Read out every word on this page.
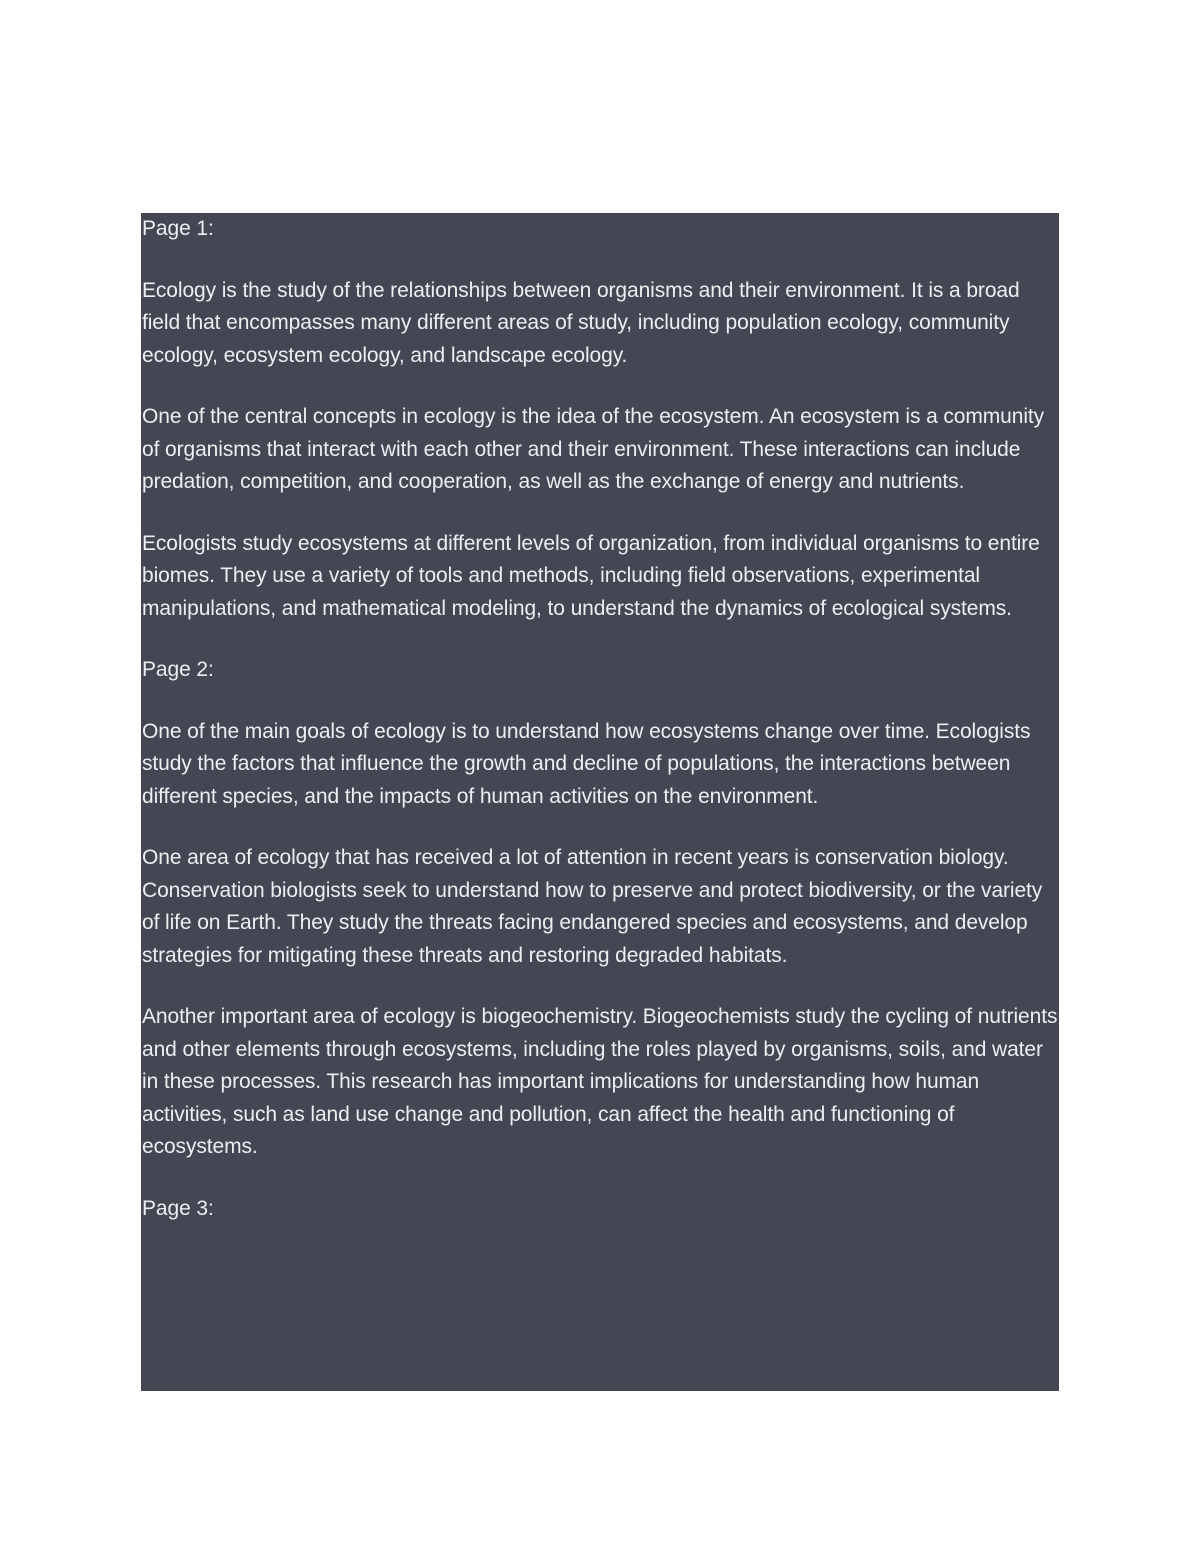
Page 1:

Ecology is the study of the relationships between organisms and their environment. It is a broad field that encompasses many different areas of study, including population ecology, community ecology, ecosystem ecology, and landscape ecology.

One of the central concepts in ecology is the idea of the ecosystem. An ecosystem is a community of organisms that interact with each other and their environment. These interactions can include predation, competition, and cooperation, as well as the exchange of energy and nutrients.

Ecologists study ecosystems at different levels of organization, from individual organisms to entire biomes. They use a variety of tools and methods, including field observations, experimental manipulations, and mathematical modeling, to understand the dynamics of ecological systems.

Page 2:

One of the main goals of ecology is to understand how ecosystems change over time. Ecologists study the factors that influence the growth and decline of populations, the interactions between different species, and the impacts of human activities on the environment.

One area of ecology that has received a lot of attention in recent years is conservation biology. Conservation biologists seek to understand how to preserve and protect biodiversity, or the variety of life on Earth. They study the threats facing endangered species and ecosystems, and develop strategies for mitigating these threats and restoring degraded habitats.

Another important area of ecology is biogeochemistry. Biogeochemists study the cycling of nutrients and other elements through ecosystems, including the roles played by organisms, soils, and water in these processes. This research has important implications for understanding how human activities, such as land use change and pollution, can affect the health and functioning of ecosystems.

Page 3:
